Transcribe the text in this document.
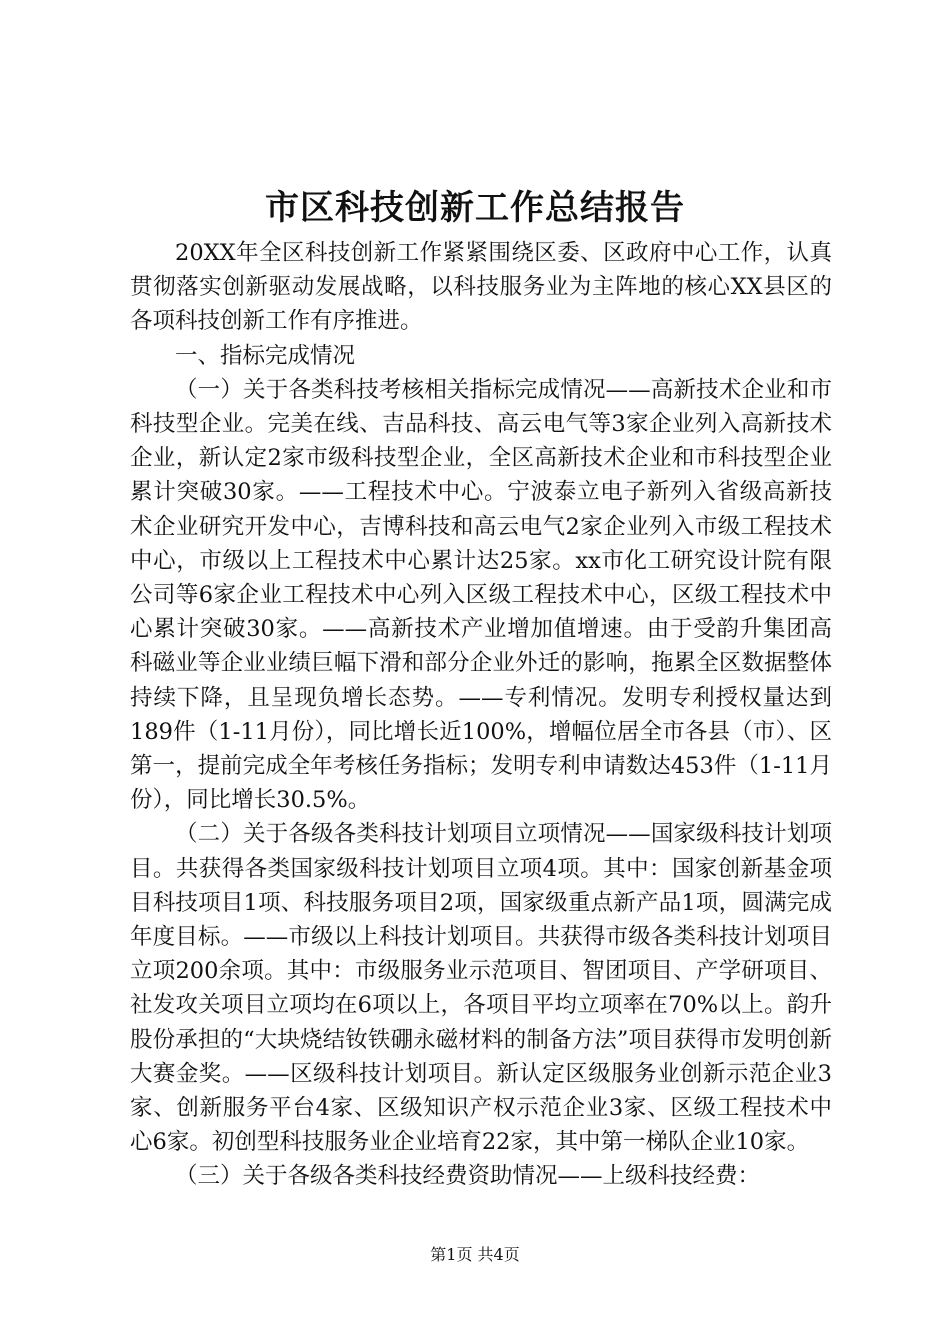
市区科技创新工作总结报告

20XX年全区科技创新工作紧紧围绕区委、区政府中心工作，认真贯彻落实创新驱动发展战略，以科技服务业为主阵地的核心XX县区的各项科技创新工作有序推进。

一、指标完成情况

（一）关于各类科技考核相关指标完成情况——高新技术企业和市科技型企业。完美在线、吉品科技、高云电气等3家企业列入高新技术企业，新认定2家市级科技型企业，全区高新技术企业和市科技型企业累计突破30家。——工程技术中心。宁波泰立电子新列入省级高新技术企业研究开发中心，吉博科技和高云电气2家企业列入市级工程技术中心，市级以上工程技术中心累计达25家。xx市化工研究设计院有限公司等6家企业工程技术中心列入区级工程技术中心，区级工程技术中心累计突破30家。——高新技术产业增加值增速。由于受韵升集团高科磁业等企业业绩巨幅下滑和部分企业外迁的影响，拖累全区数据整体持续下降，且呈现负增长态势。——专利情况。发明专利授权量达到189件（1-11月份），同比增长近100%，增幅位居全市各县（市）、区第一，提前完成全年考核任务指标；发明专利申请数达453件（1-11月份），同比增长30.5%。

（二）关于各级各类科技计划项目立项情况——国家级科技计划项目。共获得各类国家级科技计划项目立项4项。其中：国家创新基金项目科技项目1项、科技服务项目2项，国家级重点新产品1项，圆满完成年度目标。——市级以上科技计划项目。共获得市级各类科技计划项目立项200余项。其中：市级服务业示范项目、智团项目、产学研项目、社发攻关项目立项均在6项以上，各项目平均立项率在70%以上。韵升股份承担的“大块烧结钕铁硼永磁材料的制备方法”项目获得市发明创新大赛金奖。——区级科技计划项目。新认定区级服务业创新示范企业3家、创新服务平台4家、区级知识产权示范企业3家、区级工程技术中心6家。初创型科技服务业企业培育22家，其中第一梯队企业10家。

（三）关于各级各类科技经费资助情况——上级科技经费：

第1页 共4页
